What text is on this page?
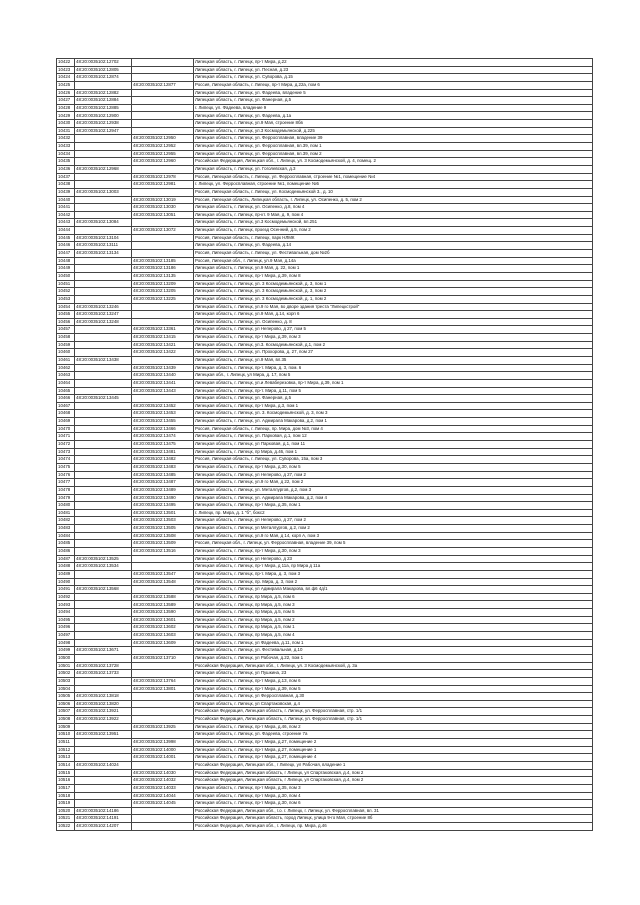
10422	48:20:0035102:12702		Липецкая область, г. Липецк, пр-т Мира, д.22
10423	48:20:0035102:12805		Липецкая область, г. Липецк, ул. Песная, д.23
10424	48:20:0035102:12874		Липецкая область, г. Липецк, ул. Суворова, д.15
10425		48:20:0035102:12877	Россия, Липецкая область, г. Липецк, пр-т Мира, д.22а, пом 6
10426	48:20:0035102:12882		Липецкая область, г. Липецк, ул. Фадеева, владение 5
10427	48:20:0035102:12884		Липецкая область, г. Липецк, ул. Фанерная, д.5
10428	48:20:0035102:12885		г. Липецк, ул. Фадеева, владение 9
10429	48:20:0035102:12900		Липецкая область, г. Липецк, ул. Фадеева, д.1а
10430	48:20:0035102:12938		Липецкая область, г. Липецк, ул.9 Мая, строение 8бв
10431	48:20:0035102:12947		Липецкая область, г. Липецк, ул.3 Космодемьянской, д.225
10432		48:20:0035102:12950	Липецкая область, г. Липецк, ул. Ферросплавная, владение 39
10433		48:20:0035102:12952	Липецкая область, г. Липецк, ул. Ферросплавная, вл.39, пом 1
10434		48:20:0035102:12955	Липецкая область, г. Липецк, ул. Ферросплавная, вл.39, пом 2
10435		48:20:0035102:12960	Российская Федерация, Липецкая обл., г. Липецк, ул. 3 Космодемьянской, д. 4, помещ. 2
10436	48:20:0035102:12968		Липецкая область, г. Липецк, ул. Гоголевская, д.3
10437		48:20:0035102:12978	Россия, Липецкая область, г. Липецк, ул. Ферросплавная, строение №1, помещение №4
10438		48:20:0035102:12981	г. Липецк, ул. Ферросплавная, строение №1, помещение №5
10439	48:20:0035102:13003		Россия, Липецкая область, г. Липецк, ул. Космодемьянской 3., д. 10
10440		48:20:0035102:13019	Россия, Липецкая область, Липецкая область, г. Липецк, ул. Осипенко, д. 5, пом 2
10441		48:20:0035102:13030	Липецкая область, г. Липецк, ул. Осипенко, д.8, пом 4
10442		48:20:0035102:13051	Липецкая область, г. Липецк, пр-кт. 9 Мая, д. 9, пом 4
10443	48:20:0035102:13084		Липецкая область, г. Липецк, ул.3 Космодемьянской, вл.251
10444		48:20:0035102:13072	Липецкая область, г. Липецк, проезд Осенний, д.5, пом 2
10445	48:20:0035102:13104		Россия, Липецкая область, г. Липецк, парк НЛМК
10446	48:20:0035102:13111		Липецкая область, г. Липецк, ул. Фадеева, д.14
10447	48:20:0035102:13134		Россия, Липецкая область, г. Липецк, ул. Фестивальная, дом №2б
10448		48:20:0035102:13185	Россия, Липецкая обл., г. Липецк, ул.9 Мая, д.14а
10449		48:20:0035102:13186	Липецкая область, г. Липецк, ул.9 Мая, д. 22, пом 1
10450		48:20:0035102:13135	Липецкая область, г. Липецк, пр-т Мира, д.39, пом 8
10451		48:20:0035102:13209	Липецкая область, г. Липецк, ул. 3 Космодемьянской, д. 3, пом 1
10452		48:20:0035102:13205	Липецкая область, г. Липецк, ул. 3 Космодемьянской, д. 3, пом 2
10453		48:20:0035102:13225	Липецкая область, г. Липецк, ул. 3 Космодемьянской, д. 1, пом 2
10454	48:20:0035102:13246		Липецкая область, г. Липецк, ул.9 го Мая, во дворе здания треста "Липецкстрой"
10455	48:20:0035102:13247		Липецкая область, г. Липецк, ул.9 Мая, д.14, корп 6
10456	48:20:0035102:13248		Липецкая область, г. Липецк, ул. Осипенко, д. 8
10457		48:20:0035102:13361	Липецкая область, г. Липецк, ул Неперово, д 27, пом 5
10458		48:20:0035102:13415	Липецкая область, г. Липецк, пр-т Мира, д.39, пом 3
10459		48:20:0035102:13421	Липецкая область, г. Липецк, ул.3. Космодемьянской, д.1, пом 2
10460		48:20:0035102:13422	Липецкая область, г. Липецк, ул. Прохорова, д. 27, пом 27
10461	48:20:0035102:13438		Липецкая область, г. Липецк, ул.9 Мая, вл.35
10462		48:20:0035102:13439	Липецкая область, г. Липецк, пр-т. Мира, д. 3, пом. 6
10463		48:20:0035102:13440	Липецкая обл., г. Липецк, ул Мира, д. 17, пом 5
10464		48:20:0035102:13441	Липецкая область, г. Липецк, ул.и Леваберезовка, пр-т Мира, д.39, пом 1
10465		48:20:0035102:13443	Липецкая область, г. Липецк, пр-т. Мира, д.11, пом 5
10466	48:20:0035102:13445		Липецкая область, г. Липецк, ул. Фанерная, д.5
10467		48:20:0035102:13452	Липецкая область, г. Липецк, пр-т Мира, д.3, пом 1
10468		48:20:0035102:13453	Липецкая область, г. Липецк, ул. 3. Космодемьянской, д. 3, пом 3
10469		48:20:0035102:13455	Липецкая область, г. Липецк, ул. Адмирала Макарова, д.2, пом 1
10470		48:20:0035102:13466	Россия, Липецкая область, г. Липецк, пр. Мира, дом №3, пом 4
10471		48:20:0035102:13474	Липецкая область, г. Липецк, ул. Парковая, д.1, пом 12
10472		48:20:0035102:13475	Липецкая область, г. Липецк, ул Парковая, д.1, пом 11
10473		48:20:0035102:13481	Липецкая область, г. Липецк, пр Мира, д.46, пом 1
10474		48:20:0035102:13482	Россия, Липецкая область, г. Липецк, ул. Суворова, 15а, пом 3
10475		48:20:0035102:13483	Липецкая область, г. Липецк, пр-т Мира, д.30, пом 5
10476		48:20:0035102:13485	Липецкая область, г. Липецк, ул Неперово, д 27, пом 2
10477		48:20:0035102:13487	Липецкая область, г. Липецк, ул.9 го Мая, д 22, пом 2
10478		48:20:0035102:13489	Липецкая область, г. Липецк, ул. Металлургов, д.2, пом 3
10479		48:20:0035102:13490	Липецкая область, г. Липецк, ул. Адмирала Макарова, д.2, пом 4
10480		48:20:0035102:13495	Липецкая область, г. Липецк, пр-т Мира, д.35, пом 1
10481		48:20:0035102:13501	г. Липецк, пр. Мира, д. 1 "б", бокс2
10482		48:20:0035102:13503	Липецкая область, г. Липецк, ул Неперово, д 27, пом 2
10483		48:20:0035102:13505	Липецкая область, г. Липецк, ул Металлургов, д.2, пом 2
10484		48:20:0035102:13508	Липецкая область, г. Липецк, ул.9 го Мая, д 14, корп А, пом 3
10485		48:20:0035102:13509	Россия, Липецкая обл., г. Липецк, ул. Ферросплавная, владение 39, пом 5
10486		48:20:0035102:13516	Липецкая область, г. Липецк, пр-т Мира, д.30, пом 3
10487	48:20:0035102:13525		Липецкая область, г. Липецк, ул Неперово, д 23
10488	48:20:0035102:13534		Липецкая область, г. Липецк, пр-т Мира, д 11а, пр Мира д 11а
10489		48:20:0035102:13547	Липецкая область, г. Липецк, пр-т. Мира, д. 3, пом 3
10490		48:20:0035102:13548	Липецкая область, г. Липецк, пр. Мира, д. 3, пом 2
10491	48:20:0035102:13568		Липецкая область, г. Липецк, ул Адмирала Макарова, вл.ф6 4д/1
10492		48:20:0035102:13588	Липецкая область, г. Липецк, пр Мира, д.5, пом 6
10493		48:20:0035102:13589	Липецкая область, г. Липецк, пр Мира, д.5, пом 3
10494		48:20:0035102:13590	Липецкая область, г. Липецк, пр Мира, д.5, пом 5
10495		48:20:0035102:13601	Липецкая область, г. Липецк, пр Мира, д.5, пом 2
10496		48:20:0035102:13602	Липецкая область, г. Липецк, пр Мира, д.5, пом 1
10497		48:20:0035102:13603	Липецкая область, г. Липецк, пр Мира, д.5, пом 4
10498		48:20:0035102:13609	Липецкая область, г. Липецк, ул Фадеева, д.11, пом 1
10499	48:20:0035102:13671		Липецкая область, г. Липецк, ул. Фестивальная, д.10
10500		48:20:0035102:13710	Липецкая область, г. Липецк, ул Рабочая, д.22, пом 1
10501	48:20:0035102:13728		Российская Федерация, Липецкая обл., г. Липецк, ул. 3 Космодемьянской, д. 3а
10502	48:20:0035102:13733		Липецкая область, г. Липецк, ул Пушкина, 23
10503		48:20:0035102:13764	Липецкая область, г. Липецк, пр-т Мира, д.13, пом 6
10504		48:20:0035102:13801	Липецкая область, г. Липецк, пр-т Мира, д.39, пом 5
10505	48:20:0035102:13818		Липецкая область, г. Липецк, ул Ферросплавная, д.30
10506	48:20:0035102:13820		Липецкая область, г. Липецк, ул Спартаковская, д.4
10507	48:20:0035102:13921		Российская Федерация, Липецкая область, г. Липецк, ул. Ферросплавная, стр. 1/1
10508	48:20:0035102:13922		Российская Федерация, Липецкая область, г. Липецк, ул. Ферросплавная, стр. 1/1
10509		48:20:0035102:13925	Липецкая область, г. Липецк, пр-т Мира, д.46, пом 2
10510	48:20:0035102:13951		Липецкая область, г. Липецк, ул. Фадеева, строение 7а
10511		48:20:0035102:13998	Липецкая область, г. Липецк, пр-т Мира, д.27, помещение 2
10512		48:20:0035102:14000	Липецкая область, г. Липецк, пр-т Мира, д.27, помещение 1
10513		48:20:0035102:14001	Липецкая область, г. Липецк, пр-т Мира, д.27, помещение 4
10514	48:20:0035102:14024		Российская Федерация, Липецкая обл., г Липецк, ул Рабочая, владение 1
10515		48:20:0035102:14030	Российская Федерация, Липецкая область, г Липецк, ул Спартаковская, д.4, пом 2
10516		48:20:0035102:14032	Российская Федерация, Липецкая область, г Липецк, ул Спартаковская, д.4, пом 2
10517		48:20:0035102:14033	Липецкая область, г. Липецк, пр-т Мира, д.35, пом 3
10518		48:20:0035102:14044	Липецкая область, г. Липецк, пр-т Мира, д.30, пом 4
10519		48:20:0035102:14045	Липецкая область, г. Липецк, пр-т Мира, д.30, пом 6
10520	48:20:0035102:14186		Российская Федерация, Липецкая обл., г.о. г. Липецк, г. Липецк, ул. Ферросплавная, вл. 31
10521	48:20:0035102:14191		Российская Федерация, Липецкая область, город Липецк, улица 9-го Мая, строение 8б
10522	48:20:0035102:14207		Российская Федерация, Липецкая обл., г. Липецк, пр. Мира, д.46
